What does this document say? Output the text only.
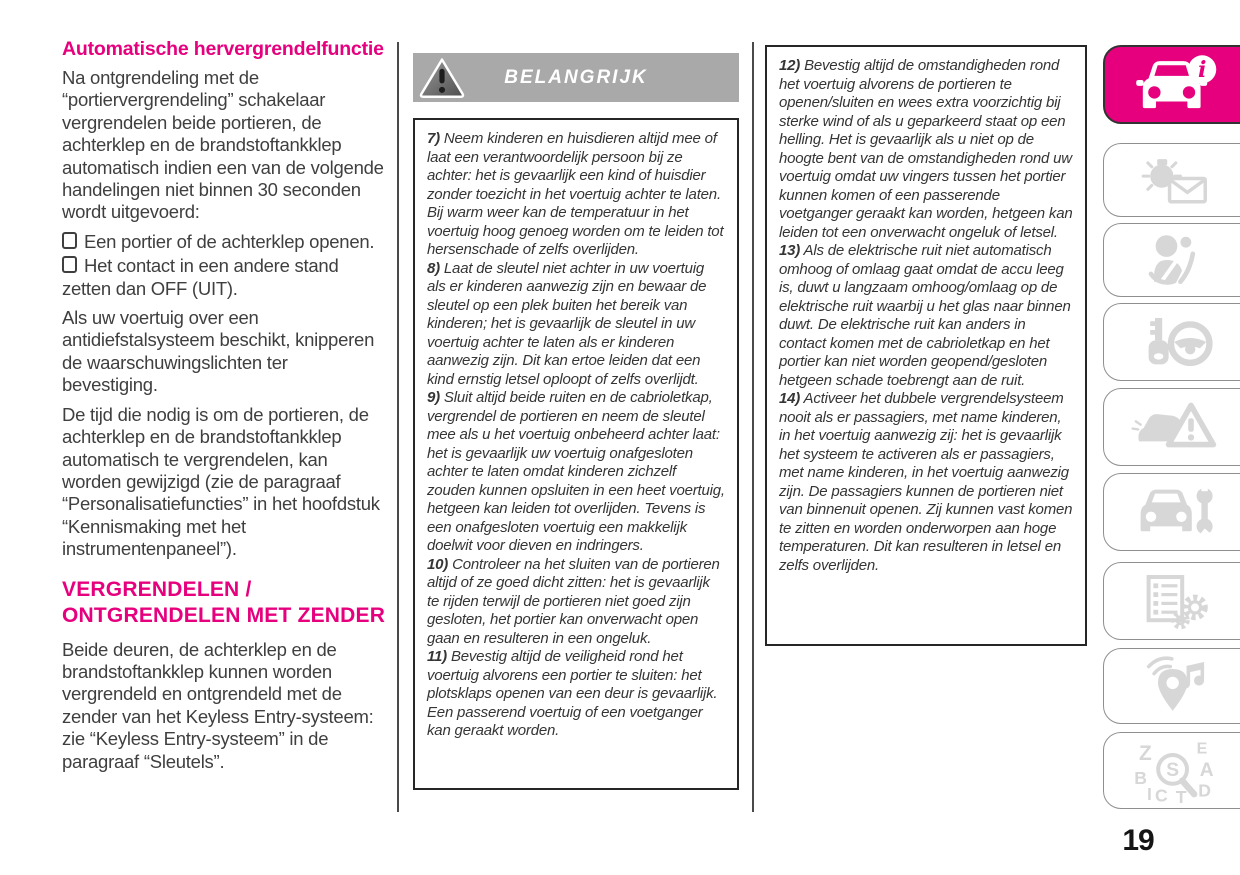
Automatische hervergrendelfunctie

Na ontgrendeling met de “portiervergrendeling” schakelaar vergrendelen beide portieren, de achterklep en de brandstoftankklep automatisch indien een van de volgende handelingen niet binnen 30 seconden wordt uitgevoerd:

Een portier of de achterklep openen.

Het contact in een andere stand zetten dan OFF (UIT).

Als uw voertuig over een antidiefstalsysteem beschikt, knipperen de waarschuwingslichten ter bevestiging.

De tijd die nodig is om de portieren, de achterklep en de brandstoftankklep automatisch te vergrendelen, kan worden gewijzigd (zie de paragraaf “Personalisatiefuncties” in het hoofdstuk “Kennismaking met het instrumentenpaneel”).

VERGRENDELEN / ONTGRENDELEN MET ZENDER

Beide deuren, de achterklep en de brandstoftankklep kunnen worden vergrendeld en ontgrendeld met de zender van het Keyless Entry-systeem: zie “Keyless Entry-systeem” in de paragraaf “Sleutels”.

BELANGRIJK

7) Neem kinderen en huisdieren altijd mee of laat een verantwoordelijk persoon bij ze achter: het is gevaarlijk een kind of huisdier zonder toezicht in het voertuig achter te laten. Bij warm weer kan de temperatuur in het voertuig hoog genoeg worden om te leiden tot hersenschade of zelfs overlijden.

8) Laat de sleutel niet achter in uw voertuig als er kinderen aanwezig zijn en bewaar de sleutel op een plek buiten het bereik van kinderen; het is gevaarlijk de sleutel in uw voertuig achter te laten als er kinderen aanwezig zijn. Dit kan ertoe leiden dat een kind ernstig letsel oploopt of zelfs overlijdt.

9) Sluit altijd beide ruiten en de cabrioletkap, vergrendel de portieren en neem de sleutel mee als u het voertuig onbeheerd achter laat: het is gevaarlijk uw voertuig onafgesloten achter te laten omdat kinderen zichzelf zouden kunnen opsluiten in een heet voertuig, hetgeen kan leiden tot overlijden. Tevens is een onafgesloten voertuig een makkelijk doelwit voor dieven en indringers.

10) Controleer na het sluiten van de portieren altijd of ze goed dicht zitten: het is gevaarlijk te rijden terwijl de portieren niet goed zijn gesloten, het portier kan onverwacht open gaan en resulteren in een ongeluk.

11) Bevestig altijd de veiligheid rond het voertuig alvorens een portier te sluiten: het plotsklaps openen van een deur is gevaarlijk. Een passerend voertuig of een voetganger kan geraakt worden.

12) Bevestig altijd de omstandigheden rond het voertuig alvorens de portieren te openen/sluiten en wees extra voorzichtig bij sterke wind of als u geparkeerd staat op een helling. Het is gevaarlijk als u niet op de hoogte bent van de omstandigheden rond uw voertuig omdat uw vingers tussen het portier kunnen komen of een passerende voetganger geraakt kan worden, hetgeen kan leiden tot een onverwacht ongeluk of letsel.

13) Als de elektrische ruit niet automatisch omhoog of omlaag gaat omdat de accu leeg is, duwt u langzaam omhoog/omlaag op de elektrische ruit waarbij u het glas naar binnen duwt. De elektrische ruit kan anders in contact komen met de cabrioletkap en het portier kan niet worden geopend/gesloten hetgeen schade toebrengt aan de ruit.

14) Activeer het dubbele vergrendelsysteem nooit als er passagiers, met name kinderen, in het voertuig aanwezig zij: het is gevaarlijk het systeem te activeren als er passagiers, met name kinderen, in het voertuig aanwezig zijn. De passagiers kunnen de portieren niet van binnenuit openen. Zij kunnen vast komen te zitten en worden onderworpen aan hoge temperaturen. Dit kan resulteren in letsel en zelfs overlijden.

i
Z E
B A
I C T D
S
19
